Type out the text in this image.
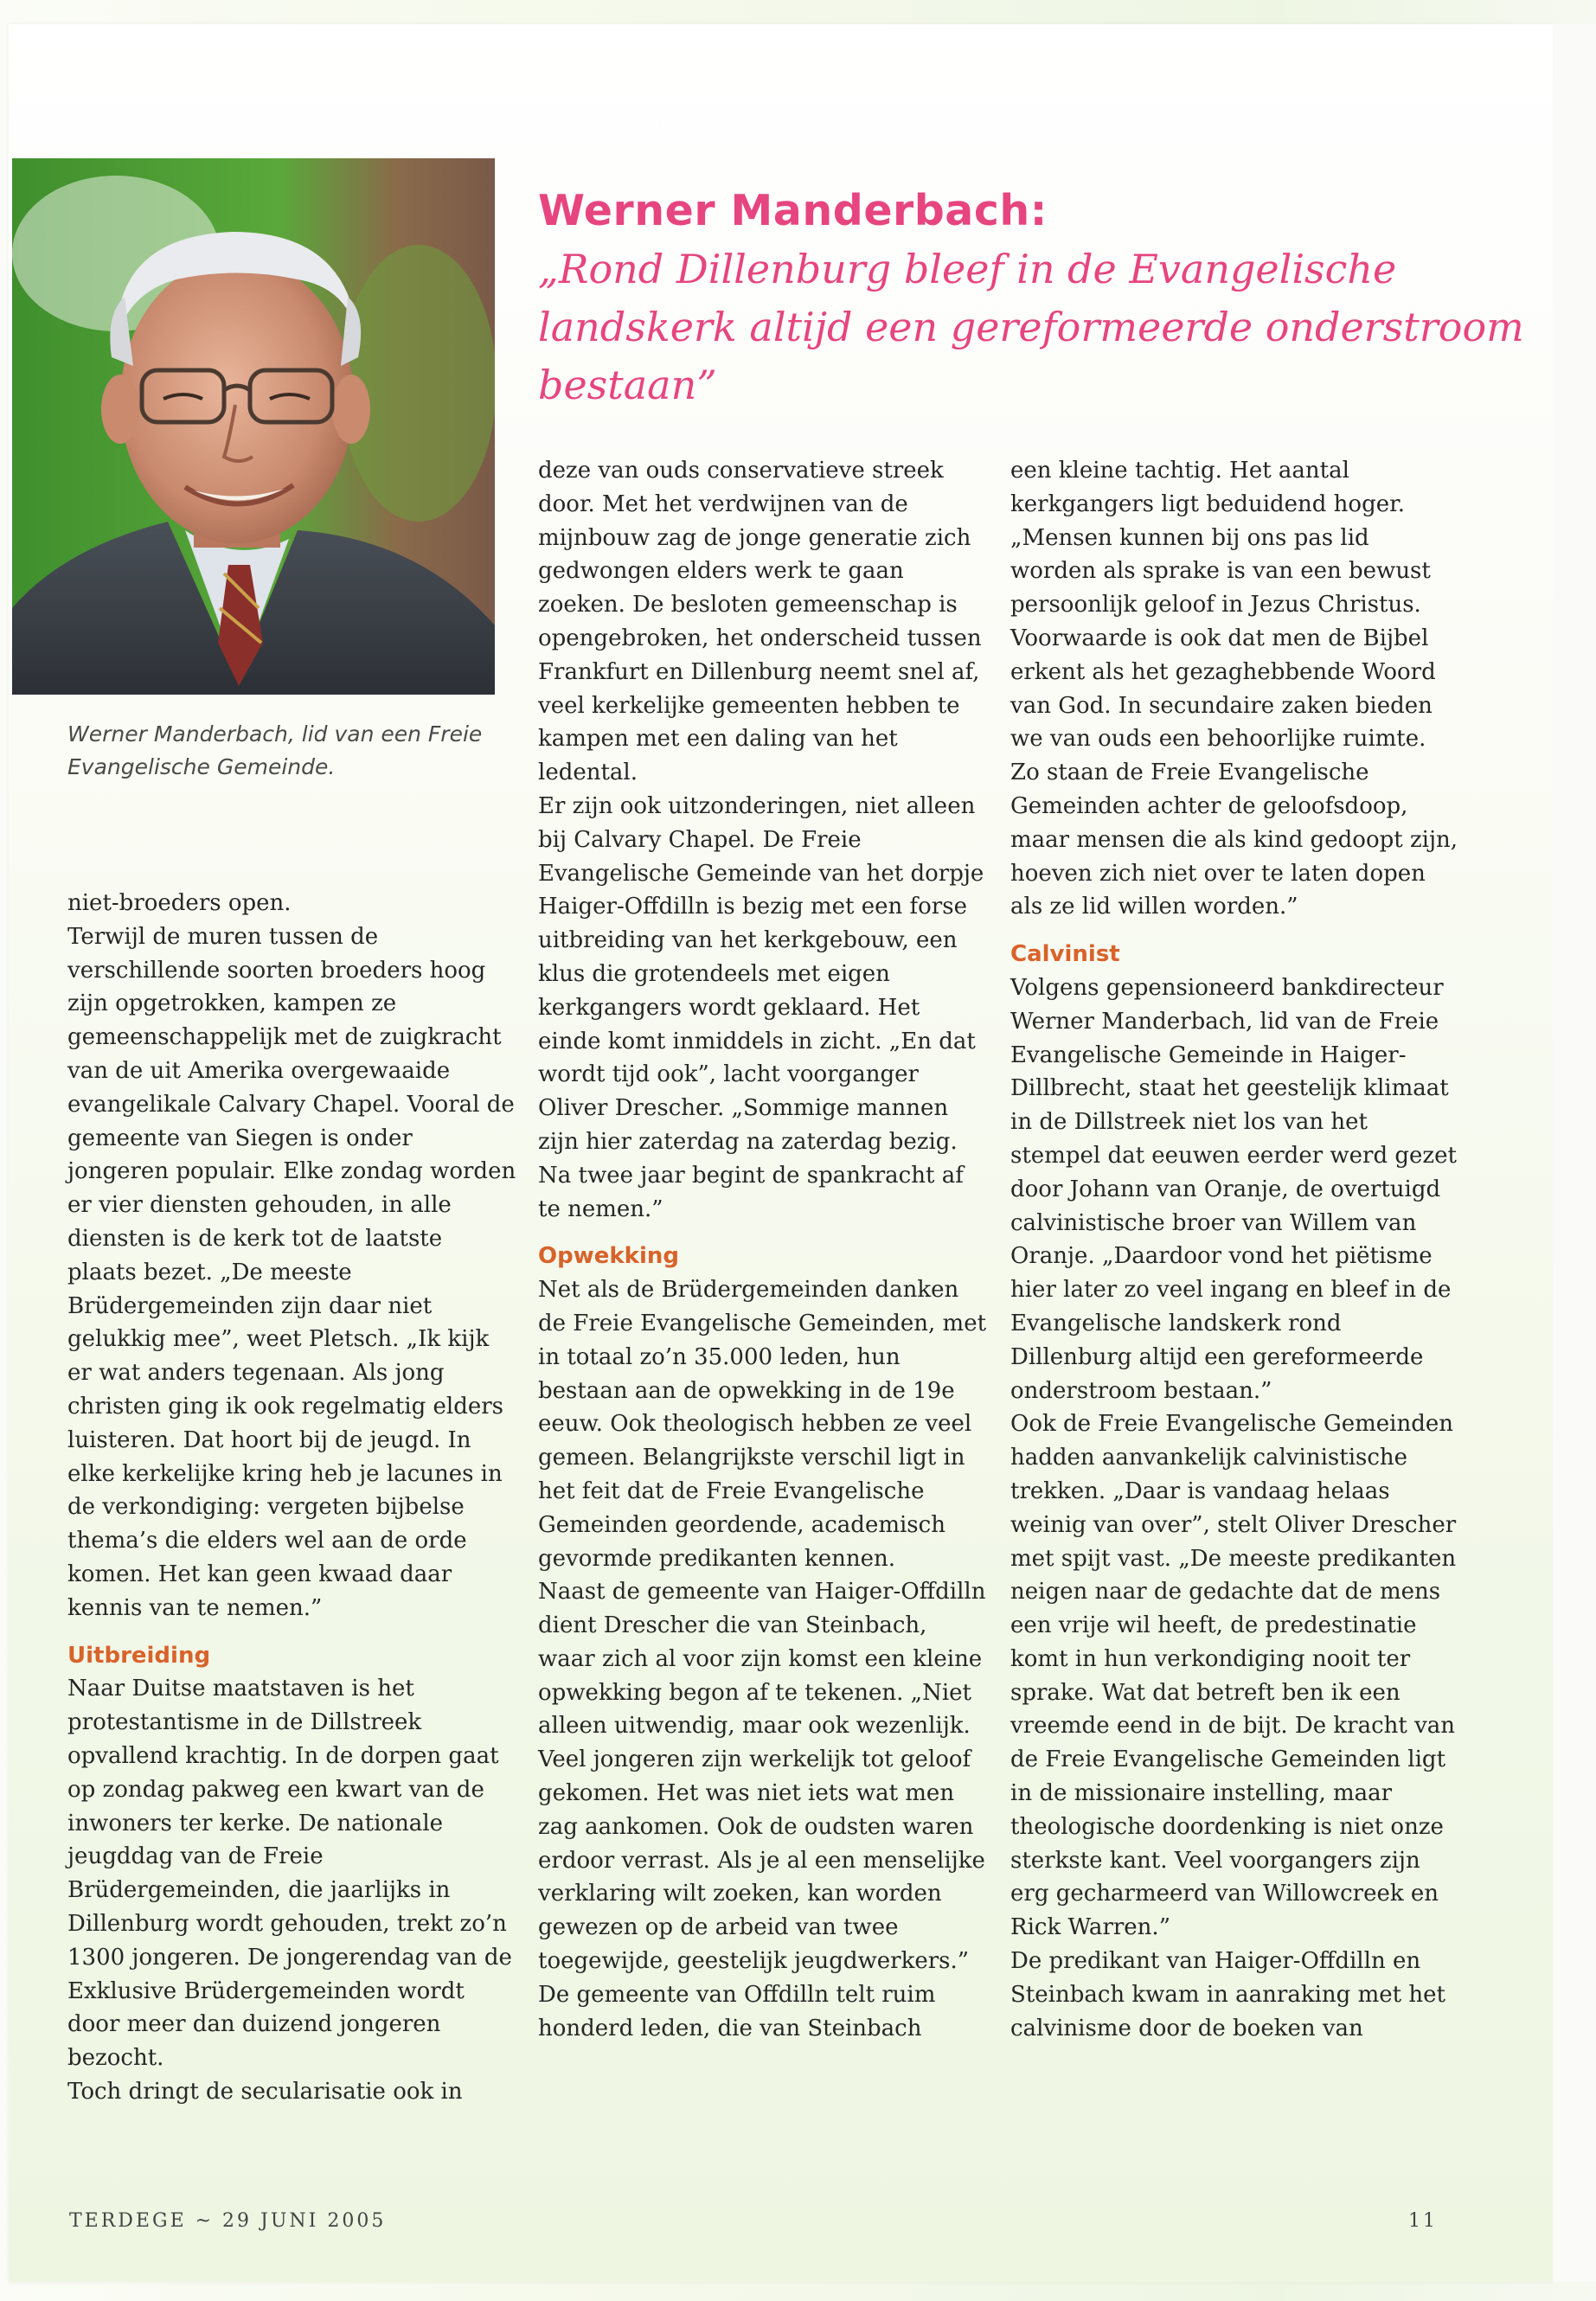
Werner Manderbach, lid van een Freie Evangelische Gemeinde.
Werner Manderbach:
„Rond Dillenburg bleef in de Evangelische landskerk altijd een gereformeerde onderstroom bestaan”

niet-broeders open.

Terwijl de muren tussen de verschillende soorten broeders hoog zijn opgetrokken, kampen ze gemeenschappelijk met de zuigkracht van de uit Amerika overgewaaide evangelikale Calvary Chapel. Vooral de gemeente van Siegen is onder jongeren populair. Elke zondag worden er vier diensten gehouden, in alle diensten is de kerk tot de laatste plaats bezet. „De meeste Brüdergemeinden zijn daar niet gelukkig mee”, weet Pletsch. „Ik kijk er wat anders tegenaan. Als jong christen ging ik ook regelmatig elders luisteren. Dat hoort bij de jeugd. In elke kerkelijke kring heb je lacunes in de verkondiging: vergeten bijbelse thema’s die elders wel aan de orde komen. Het kan geen kwaad daar kennis van te nemen.”

Uitbreiding

Naar Duitse maatstaven is het protestantisme in de Dillstreek opvallend krachtig. In de dorpen gaat op zondag pakweg een kwart van de inwoners ter kerke. De nationale jeugddag van de Freie Brüdergemeinden, die jaarlijks in Dillenburg wordt gehouden, trekt zo’n 1300 jongeren. De jongerendag van de Exklusive Brüdergemeinden wordt door meer dan duizend jongeren bezocht.

Toch dringt de secularisatie ook in

deze van ouds conservatieve streek door. Met het verdwijnen van de mijnbouw zag de jonge generatie zich gedwongen elders werk te gaan zoeken. De besloten gemeenschap is opengebroken, het onderscheid tussen Frankfurt en Dillenburg neemt snel af, veel kerkelijke gemeenten hebben te kampen met een daling van het ledental.

Er zijn ook uitzonderingen, niet alleen bij Calvary Chapel. De Freie Evangelische Gemeinde van het dorpje Haiger-Offdilln is bezig met een forse uitbreiding van het kerkgebouw, een klus die grotendeels met eigen kerkgangers wordt geklaard. Het einde komt inmiddels in zicht. „En dat wordt tijd ook”, lacht voorganger Oliver Drescher. „Sommige mannen zijn hier zaterdag na zaterdag bezig. Na twee jaar begint de spankracht af te nemen.”

Opwekking

Net als de Brüdergemeinden danken de Freie Evangelische Gemeinden, met in totaal zo’n 35.000 leden, hun bestaan aan de opwekking in de 19e eeuw. Ook theologisch hebben ze veel gemeen. Belangrijkste verschil ligt in het feit dat de Freie Evangelische Gemeinden geordende, academisch gevormde predikanten kennen.

Naast de gemeente van Haiger-Offdilln dient Drescher die van Steinbach, waar zich al voor zijn komst een kleine opwekking begon af te tekenen. „Niet alleen uitwendig, maar ook wezenlijk. Veel jongeren zijn werkelijk tot geloof gekomen. Het was niet iets wat men zag aankomen. Ook de oudsten waren erdoor verrast. Als je al een menselijke verklaring wilt zoeken, kan worden gewezen op de arbeid van twee toegewijde, geestelijk jeugdwerkers.”

De gemeente van Offdilln telt ruim honderd leden, die van Steinbach

een kleine tachtig. Het aantal kerkgangers ligt beduidend hoger. „Mensen kunnen bij ons pas lid worden als sprake is van een bewust persoonlijk geloof in Jezus Christus. Voorwaarde is ook dat men de Bijbel erkent als het gezaghebbende Woord van God. In secundaire zaken bieden we van ouds een behoorlijke ruimte. Zo staan de Freie Evangelische Gemeinden achter de geloofsdoop, maar mensen die als kind gedoopt zijn, hoeven zich niet over te laten dopen als ze lid willen worden.”

Calvinist

Volgens gepensioneerd bankdirecteur Werner Manderbach, lid van de Freie Evangelische Gemeinde in Haiger-Dillbrecht, staat het geestelijk klimaat in de Dillstreek niet los van het stempel dat eeuwen eerder werd gezet door Johann van Oranje, de overtuigd calvinistische broer van Willem van Oranje. „Daardoor vond het piëtisme hier later zo veel ingang en bleef in de Evangelische landskerk rond Dillenburg altijd een gereformeerde onderstroom bestaan.”

Ook de Freie Evangelische Gemeinden hadden aanvankelijk calvinistische trekken. „Daar is vandaag helaas weinig van over”, stelt Oliver Drescher met spijt vast. „De meeste predikanten neigen naar de gedachte dat de mens een vrije wil heeft, de predestinatie komt in hun verkondiging nooit ter sprake. Wat dat betreft ben ik een vreemde eend in de bijt. De kracht van de Freie Evangelische Gemeinden ligt in de missionaire instelling, maar theologische doordenking is niet onze sterkste kant. Veel voorgangers zijn erg gecharmeerd van Willowcreek en Rick Warren.”

De predikant van Haiger-Offdilln en Steinbach kwam in aanraking met het calvinisme door de boeken van

TERDEGE ~ 29 JUNI 2005	11
